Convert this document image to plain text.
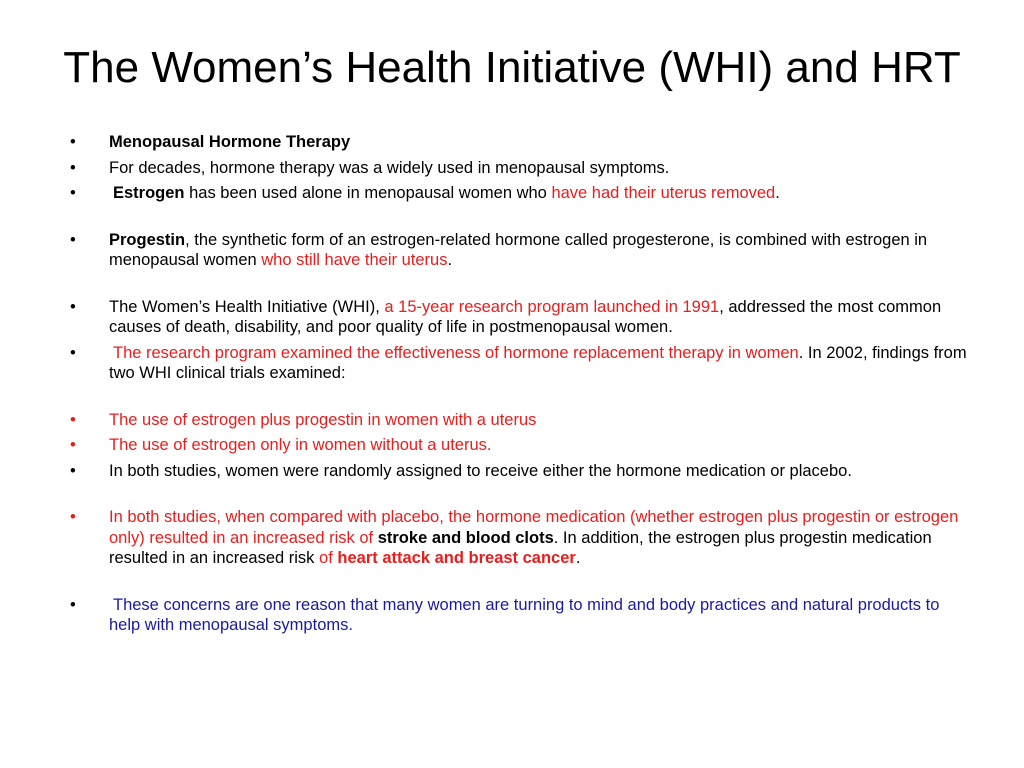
The Women’s Health Initiative (WHI) and HRT
•	Menopausal Hormone Therapy
•	For decades, hormone therapy was a widely used in menopausal symptoms.
•	Estrogen has been used alone in menopausal women who have had their uterus removed.
•	Progestin, the synthetic form of an estrogen-related hormone called progesterone, is combined with estrogen in menopausal women who still have their uterus.
•	The Women’s Health Initiative (WHI), a 15-year research program launched in 1991, addressed the most common causes of death, disability, and poor quality of life in postmenopausal women.
•	The research program examined the effectiveness of hormone replacement therapy in women. In 2002, findings from two WHI clinical trials examined:
•	The use of estrogen plus progestin in women with a uterus
•	The use of estrogen only in women without a uterus.
•	In both studies, women were randomly assigned to receive either the hormone medication or placebo.
•	In both studies, when compared with placebo, the hormone medication (whether estrogen plus progestin or estrogen only) resulted in an increased risk of stroke and blood clots. In addition, the estrogen plus progestin medication resulted in an increased risk of heart attack and breast cancer.
•	These concerns are one reason that many women are turning to mind and body practices and natural products to help with menopausal symptoms.
